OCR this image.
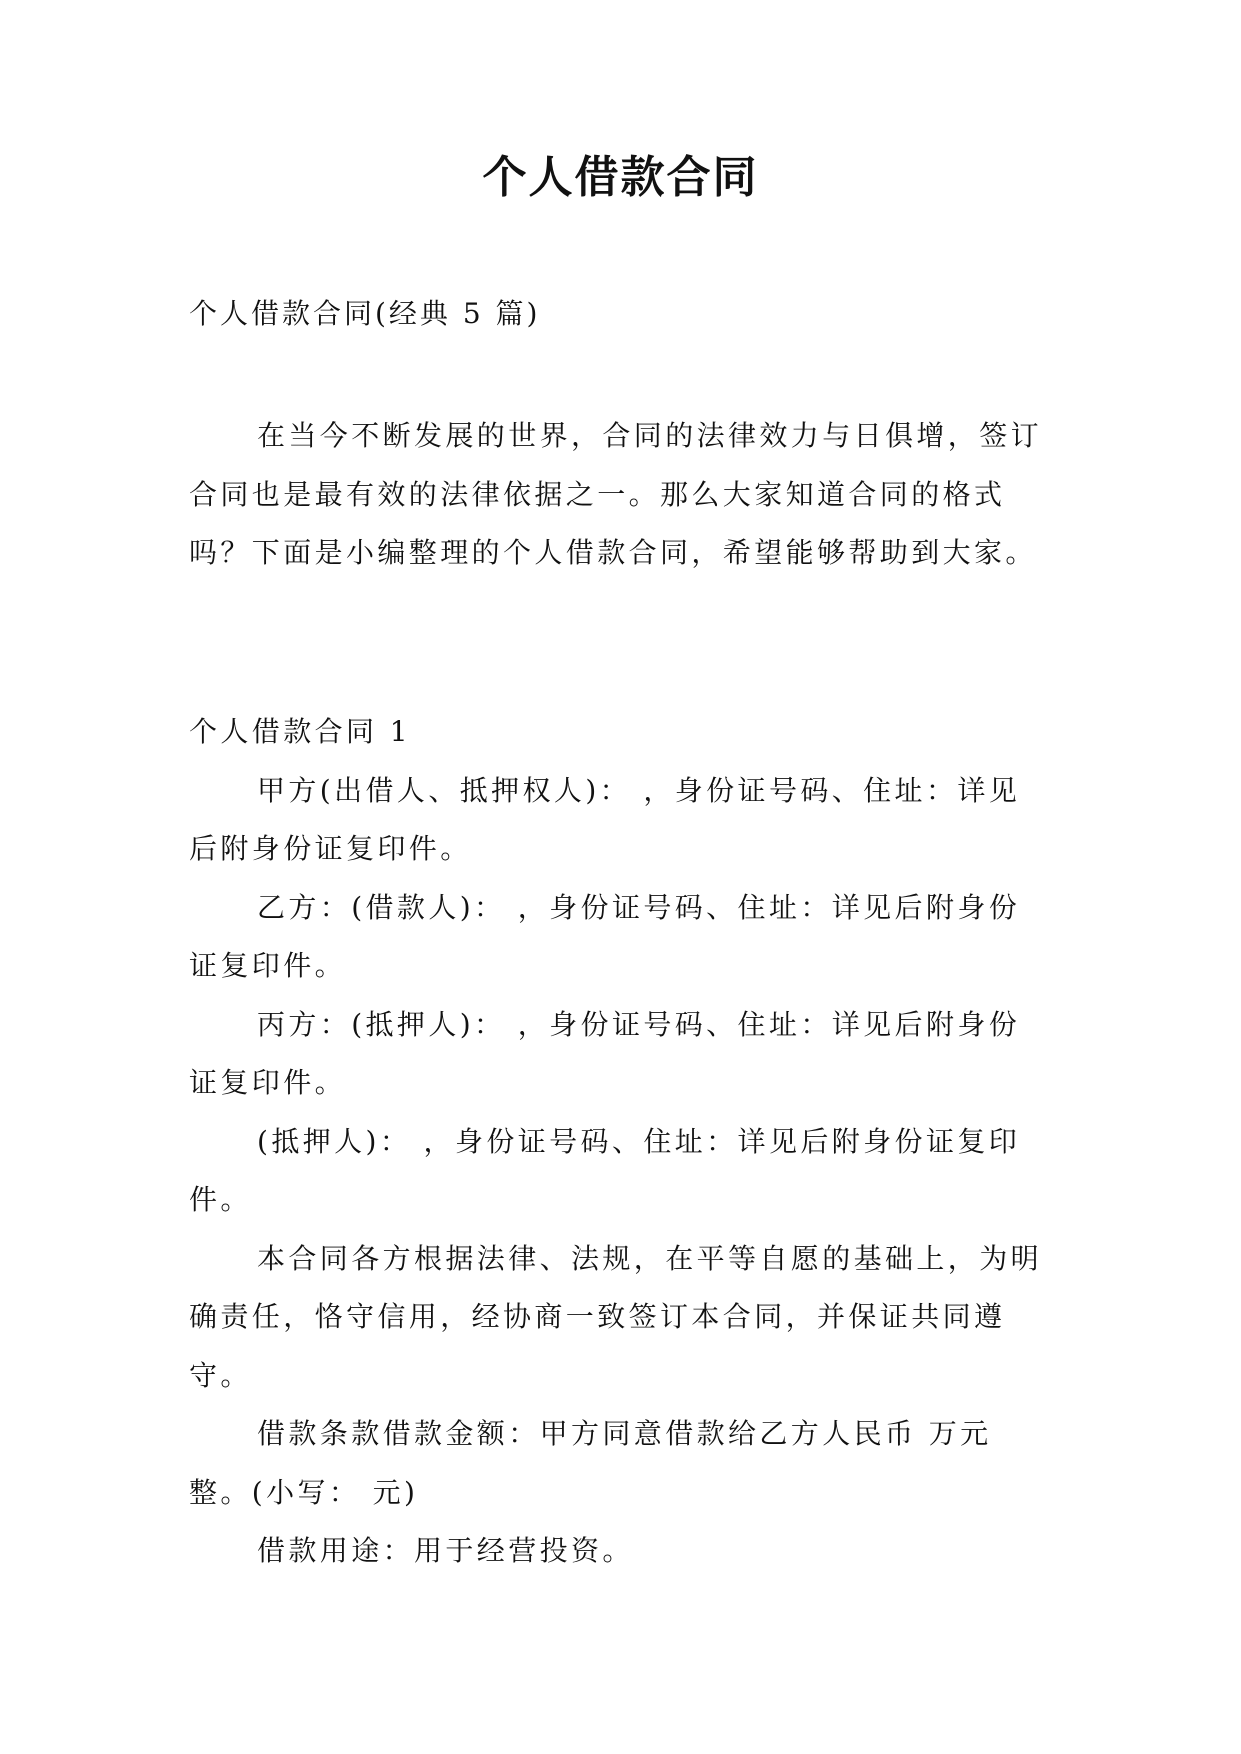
个人借款合同
个人借款合同(经典 5 篇)

在当今不断发展的世界，合同的法律效力与日俱增，签订合同也是最有效的法律依据之一。那么大家知道合同的格式吗？下面是小编整理的个人借款合同，希望能够帮助到大家。

个人借款合同 1

甲方(出借人、抵押权人)： ，身份证号码、住址：详见后附身份证复印件。

乙方：(借款人)： ，身份证号码、住址：详见后附身份证复印件。

丙方：(抵押人)： ，身份证号码、住址：详见后附身份证复印件。

(抵押人)： ，身份证号码、住址：详见后附身份证复印件。

本合同各方根据法律、法规，在平等自愿的基础上，为明确责任，恪守信用，经协商一致签订本合同，并保证共同遵守。

借款条款借款金额：甲方同意借款给乙方人民币 万元整。(小写： 元)

借款用途：用于经营投资。
